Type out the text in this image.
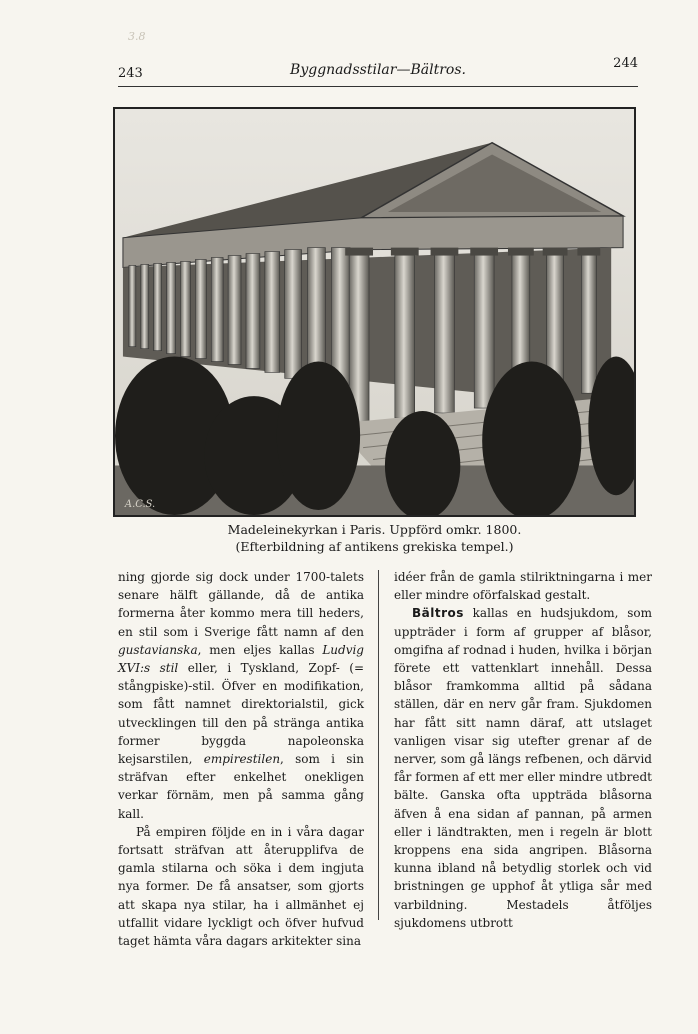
3.8
243	Byggnadsstilar—Bältros.	244
A.C.S.
Madeleinekyrkan i Paris. Uppförd omkr. 1800.
(Efterbildning af antikens grekiska tempel.)

ning gjorde sig dock under 1700-talets senare hälft gällande, då de antika formerna åter kommo mera till heders, en stil som i Sverige fått namn af den gustavianska, men eljes kallas Ludvig XVI:s stil eller, i Tyskland, Zopf- (= stångpiske)-stil. Öfver en modifikation, som fått namnet direktorialstil, gick utvecklingen till den på stränga antika former byggda napoleonska kejsarstilen, empirestilen, som i sin sträfvan efter enkelhet onekligen verkar förnäm, men på samma gång kall.

På empiren följde en in i våra dagar fortsatt sträfvan att återupplifva de gamla stilarna och söka i dem ingjuta nya former. De få ansatser, som gjorts att skapa nya stilar, ha i allmänhet ej utfallit vidare lyckligt och öfver hufvud taget hämta våra dagars arkitekter sina

idéer från de gamla stilriktningarna i mer eller mindre oförfalskad gestalt.

Bältros kallas en hudsjukdom, som uppträder i form af grupper af blåsor, omgifna af rodnad i huden, hvilka i början förete ett vattenklart innehåll. Dessa blåsor framkomma alltid på sådana ställen, där en nerv går fram. Sjukdomen har fått sitt namn däraf, att utslaget vanligen visar sig utefter grenar af de nerver, som gå längs refbenen, och därvid får formen af ett mer eller mindre utbredt bälte. Ganska ofta uppträda blåsorna äfven å ena sidan af pannan, på armen eller i ländtrakten, men i regeln är blott kroppens ena sida angripen. Blåsorna kunna ibland nå betydlig storlek och vid bristningen ge upphof åt ytliga sår med varbildning. Mestadels åtföljes sjukdomens utbrott
